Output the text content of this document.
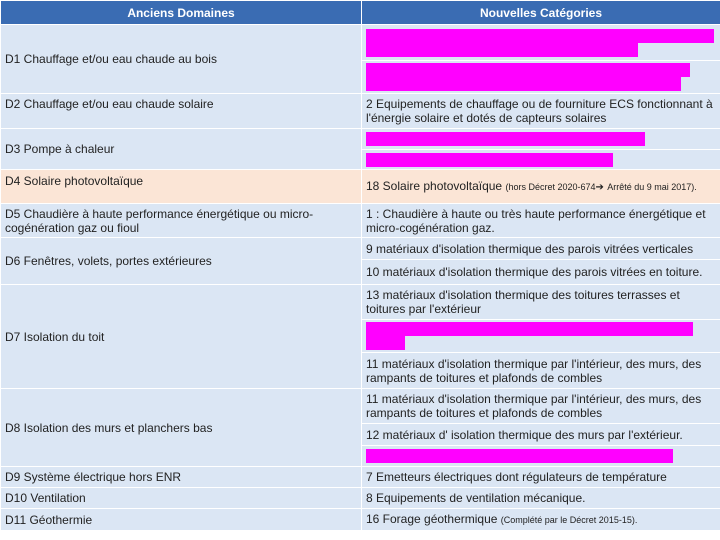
Anciens Domaines	Nouvelles Catégories
D1 Chauffage et/ou eau chaude au bois	3 Appareils autonomes de chauffage ou produisant d'eau chaude sanitaire fonctionnant au bois ou autres biomasses
	4 Chaudières indépendant de chauffage ou produisant d'eau chaude sanitaire fonctionnant au bois ou autres biomasses
D2 Chauffage et/ou eau chaude solaire	2 Equipements de chauffage ou de fourniture ECS fonctionnant à l'énergie solaire et dotés de capteurs solaires
D3 Pompe à chaleur	5 Pompes à chaleur pour le chauffage ou chauffage
	6 Pompes à chaleur pour la production d'ECS
D4 Solaire photovoltaïque	18 Solaire photovoltaïque (hors Décret 2020-674➔ Arrêté du 9 mai 2017).
D5 Chaudière à haute performance énergétique ou micro-cogénération gaz ou fioul	1 : Chaudière à haute ou très haute performance énergétique et micro-cogénération gaz.
D6 Fenêtres, volets, portes extérieures	9 matériaux d'isolation thermique des parois vitrées verticales
	10 matériaux d'isolation thermique des parois vitrées en toiture.
D7 Isolation du toit	13 matériaux d'isolation thermique des toitures terrasses et toitures par l'extérieur
	14 matériaux d'isolation thermique des planchers de combles perdus
	11 matériaux d'isolation thermique par l'intérieur, des murs, des rampants de toitures et plafonds de combles
D8 Isolation des murs et planchers bas	11 matériaux d'isolation thermique par l'intérieur, des murs, des rampants de toitures et plafonds de combles
	12 matériaux d' isolation thermique des murs par l'extérieur.
	15 matériaux d'isolation thermique des planchers bas sur
D9 Système électrique hors ENR	7 Emetteurs électriques dont régulateurs de température
D10 Ventilation	8 Equipements de ventilation mécanique.
D11 Géothermie	16 Forage géothermique (Complété par le Décret 2015-15).
